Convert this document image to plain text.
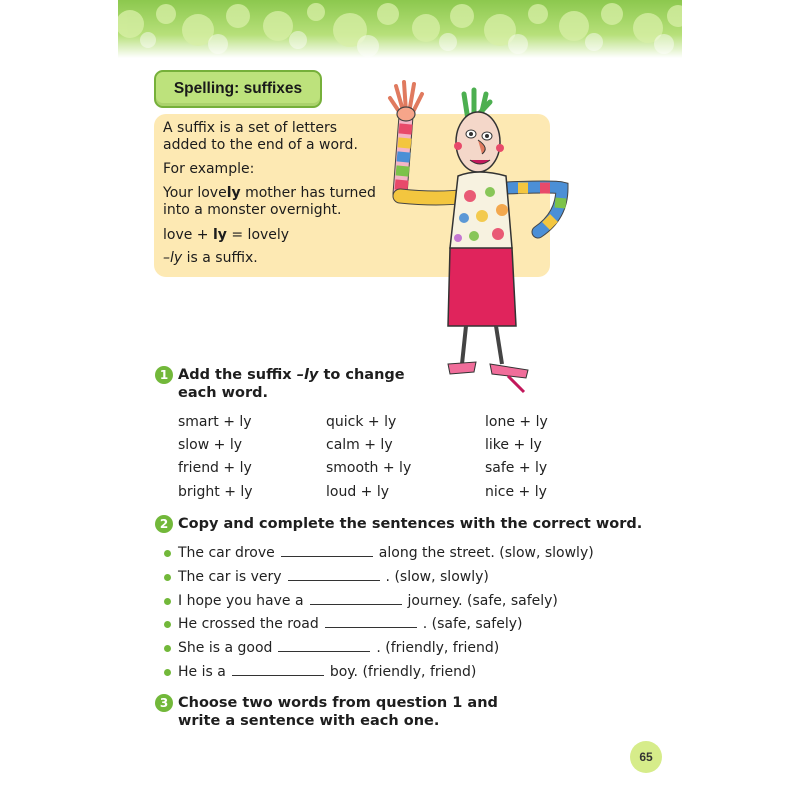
Spelling: suffixes
A suffix is a set of letters
added to the end of a word.
For example:
Your lovely mother has turned
into a monster overnight.
love + ly = lovely
–ly is a suffix.
1 Add the suffix –ly to change
each word.
smart + ly	quick + ly	lone + ly
slow + ly	calm + ly	like + ly
friend + ly	smooth + ly	safe + ly
bright + ly	loud + ly	nice + ly
2 Copy and complete the sentences with the correct word.
The car drove	along the street. (slow, slowly)
The car is very	. (slow, slowly)
I hope you have a	journey. (safe, safely)
He crossed the road	. (safe, safely)
She is a good	. (friendly, friend)
He is a	boy. (friendly, friend)
3 Choose two words from question 1 and
write a sentence with each one.
65
